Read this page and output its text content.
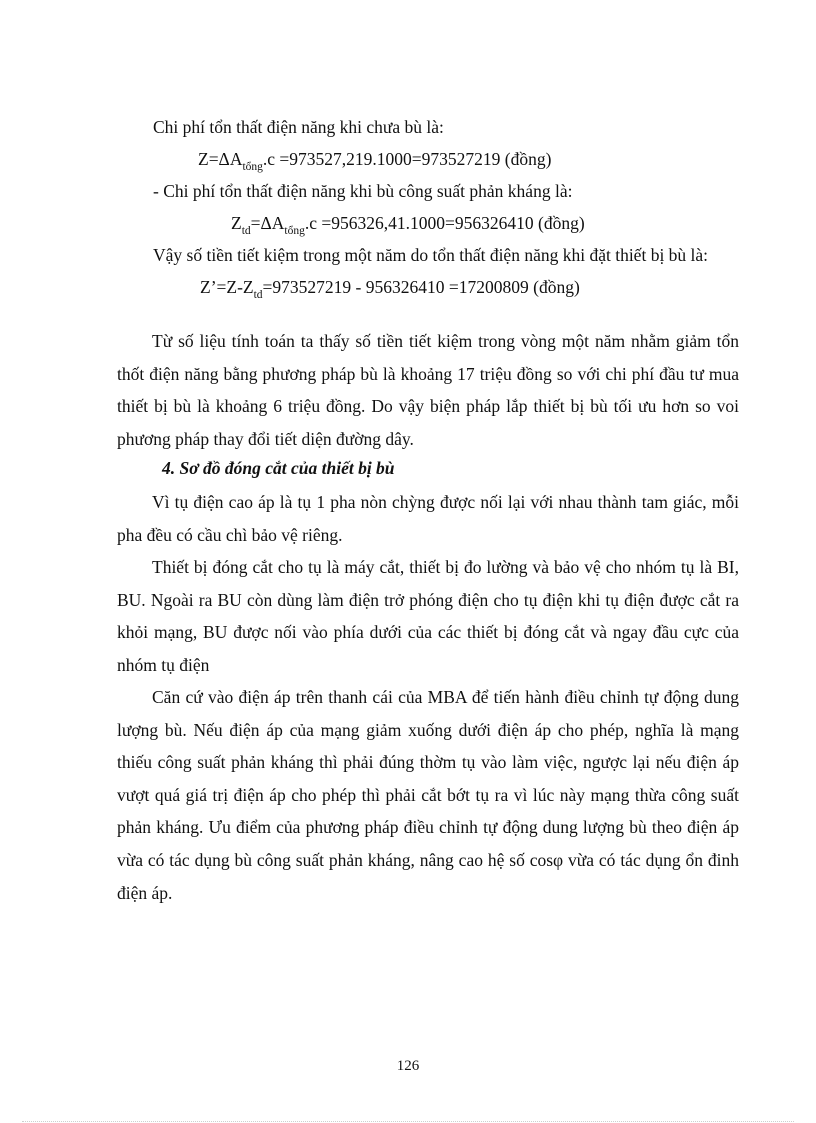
Chi phí tổn thất điện năng khi chưa bù là:
$Z=\Delta A_{tổng}.c =973527,219.1000=973527219$ (đồng)
- Chi phí tổn thất điện năng khi bù công suất phản kháng là:
$Z_{td}=\Delta A_{tổng}.c =956326,41.1000=956326410$ (đồng)
Vậy số tiền tiết kiệm trong một năm do tổn thất điện năng khi đặt thiết bị bù là:
$Z’=Z-Z_{td}=973527219 - 956326410 =17200809$ (đồng)

Từ số liệu tính toán ta thấy số tiền tiết kiệm trong vòng một năm nhằm giảm tổn thốt điện năng bằng phương pháp bù là khoảng 17 triệu đồng so với chi phí đầu tư mua thiết bị bù là khoảng 6 triệu đồng. Do vậy biện pháp lắp thiết bị bù tối ưu hơn so voi phương pháp thay đổi tiết diện đường dây.

4. Sơ đồ đóng cắt của thiết bị bù

Vì tụ điện cao áp là tụ 1 pha nòn chỳng được nối lại với nhau thành tam giác, mỗi pha đều có cầu chì bảo vệ riêng.

Thiết bị đóng cắt cho tụ là máy cắt, thiết bị đo lường và bảo vệ cho nhóm tụ là BI, BU. Ngoài ra BU còn dùng làm điện trở phóng điện cho tụ điện khi tụ điện được cắt ra khỏi mạng, BU được nối vào phía dưới của các thiết bị đóng cắt và ngay đầu cực của nhóm tụ điện

Căn cứ vào điện áp trên thanh cái của MBA để tiến hành điều chỉnh tự động dung lượng bù. Nếu điện áp của mạng giảm xuống dưới điện áp cho phép, nghĩa là mạng thiếu công suất phản kháng thì phải đúng thờm tụ vào làm việc, ngược lại nếu điện áp vượt quá giá trị điện áp cho phép thì phải cắt bớt tụ ra vì lúc này mạng thừa công suất phản kháng. Ưu điểm của phương pháp điều chỉnh tự động dung lượng bù theo điện áp vừa có tác dụng bù công suất phản kháng, nâng cao hệ số cosφ vừa có tác dụng ổn đinh điện áp.

126
